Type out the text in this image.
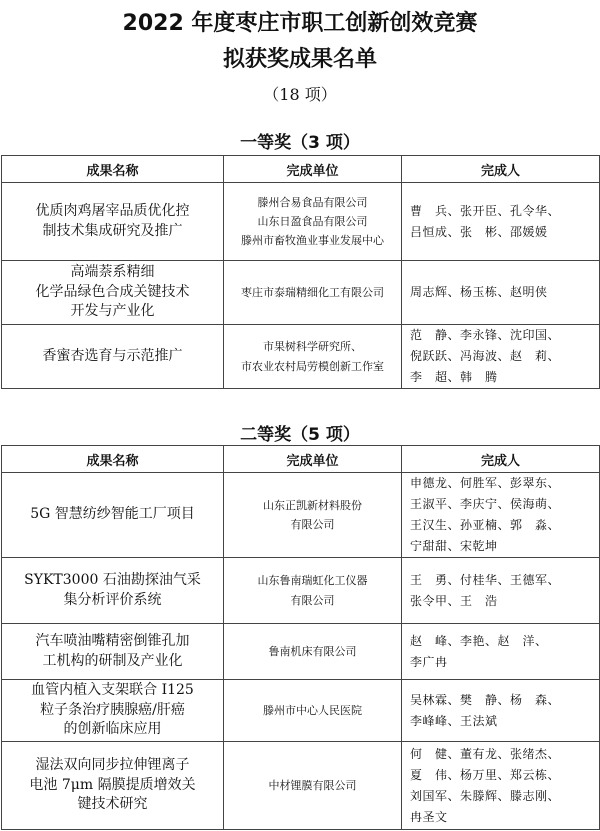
2022 年度枣庄市职工创新创效竞赛
拟获奖成果名单
（18 项）
一等奖（3 项）
成果名称	完成单位	完成人

优质肉鸡屠宰品质优化控
制技术集成研究及推广	滕州合易食品有限公司
山东日盈食品有限公司
滕州市畜牧渔业事业发展中心	曹　兵、张开臣、孔令华、
吕恒成、张　彬、邵媛媛

高端萘系精细
化学品绿色合成关键技术
开发与产业化	枣庄市泰瑞精细化工有限公司	周志辉、杨玉栋、赵明侠

香蜜杏选育与示范推广	市果树科学研究所、
市农业农村局劳模创新工作室	范　静、李永锋、沈印国、
倪跃跃、冯海波、赵　莉、
李　超、韩　腾
二等奖（5 项）
成果名称	完成单位	完成人

5G 智慧纺纱智能工厂项目	山东正凯新材料股份
有限公司	申德龙、何胜军、彭翠东、
王淑平、李庆宁、侯海萌、
王汉生、孙亚楠、郭　淼、
宁甜甜、宋乾坤

SYKT3000 石油勘探油气采
集分析评价系统	山东鲁南瑞虹化工仪器
有限公司	王　勇、付桂华、王德军、
张令甲、王　浩

汽车喷油嘴精密倒锥孔加
工机构的研制及产业化	鲁南机床有限公司	赵　峰、李艳、赵　洋、
李广冉

血管内植入支架联合 I125
粒子条治疗胰腺癌/肝癌
的创新临床应用	滕州市中心人民医院	吴林霖、樊　静、杨　森、
李峰峰、王法斌

湿法双向同步拉伸锂离子
电池 7μm 隔膜提质增效关
键技术研究	中材锂膜有限公司	何　健、董有龙、张绪杰、
夏　伟、杨万里、郑云栋、
刘国军、朱滕辉、滕志刚、
冉圣文
